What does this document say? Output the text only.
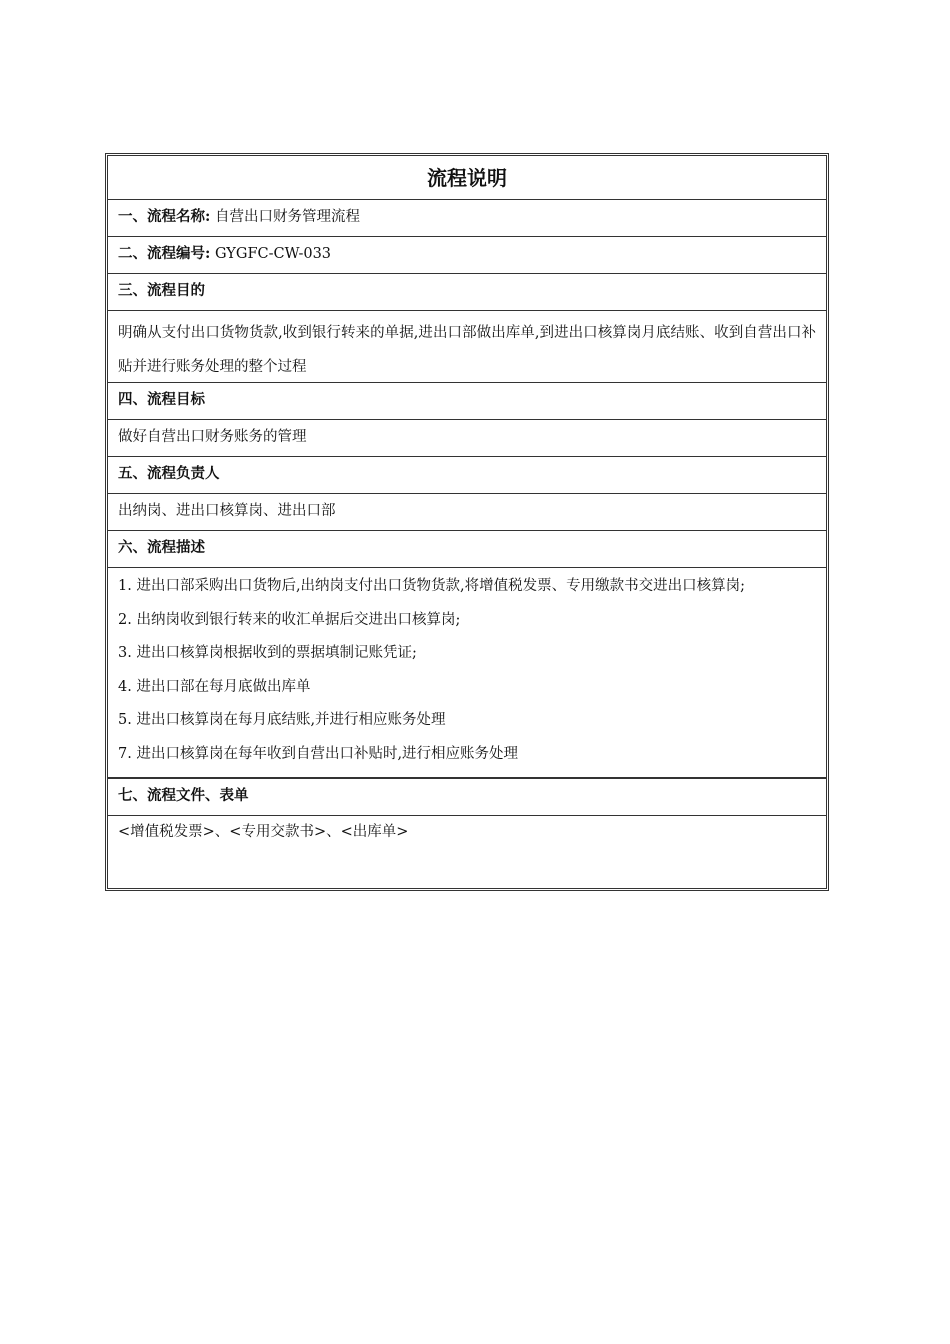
流程说明
一、流程名称: 自营出口财务管理流程
二、流程编号: GYGFC-CW-033
三、流程目的
明确从支付出口货物货款,收到银行转来的单据,进出口部做出库单,到进出口核算岗月底结账、收到自营出口补贴并进行账务处理的整个过程
四、流程目标
做好自营出口财务账务的管理
五、流程负责人
出纳岗、进出口核算岗、进出口部
六、流程描述
1. 进出口部采购出口货物后,出纳岗支付出口货物货款,将增值税发票、专用缴款书交进出口核算岗;
2. 出纳岗收到银行转来的收汇单据后交进出口核算岗;
3. 进出口核算岗根据收到的票据填制记账凭证;
4. 进出口部在每月底做出库单
5. 进出口核算岗在每月底结账,并进行相应账务处理
7. 进出口核算岗在每年收到自营出口补贴时,进行相应账务处理
七、流程文件、表单
<增值税发票>、<专用交款书>、<出库单>
